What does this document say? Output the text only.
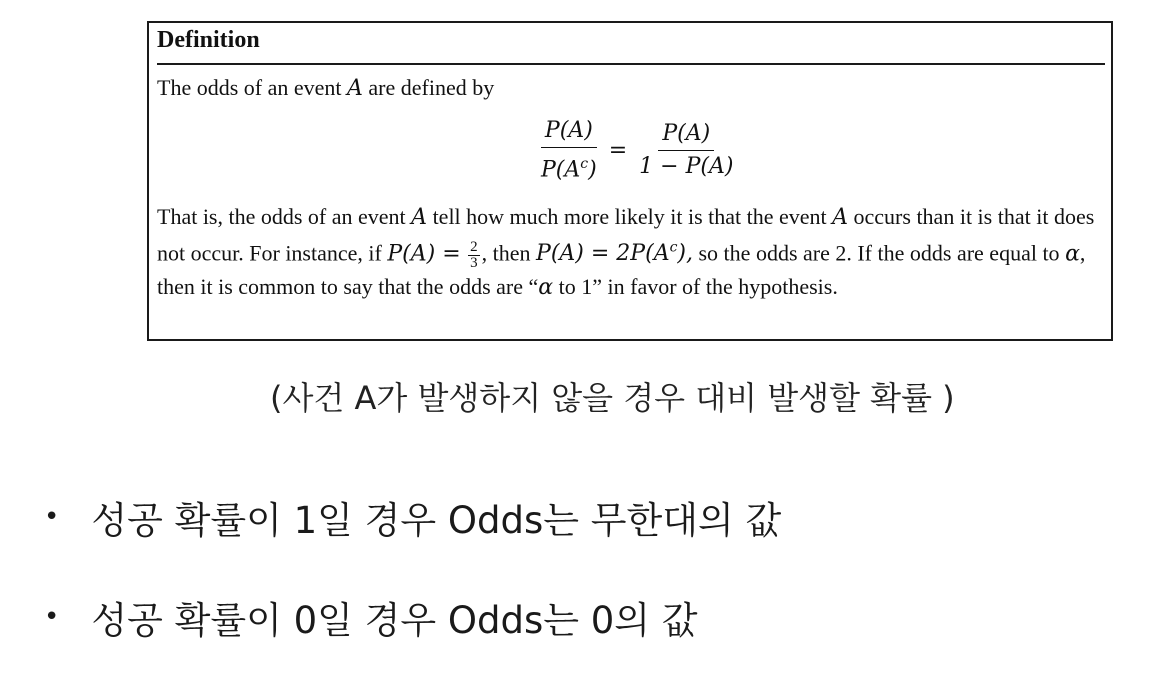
Definition
The odds of an event A are defined by
$\frac{P(A)}{P(A^c)} = \frac{P(A)}{1 - P(A)}$
That is, the odds of an event A tell how much more likely it is that the event A occurs than it is that it does not occur. For instance, if $P(A) = \frac{2}{3}$ , then $P(A) = 2P(A^c)$, so the odds are 2. If the odds are equal to α, then it is common to say that the odds are “α to 1” in favor of the hypothesis.
(사건 A가 발생하지 않을 경우 대비 발생할 확률 )
• 성공 확률이 1일 경우 Odds는 무한대의 값
• 성공 확률이 0일 경우 Odds는 0의 값
